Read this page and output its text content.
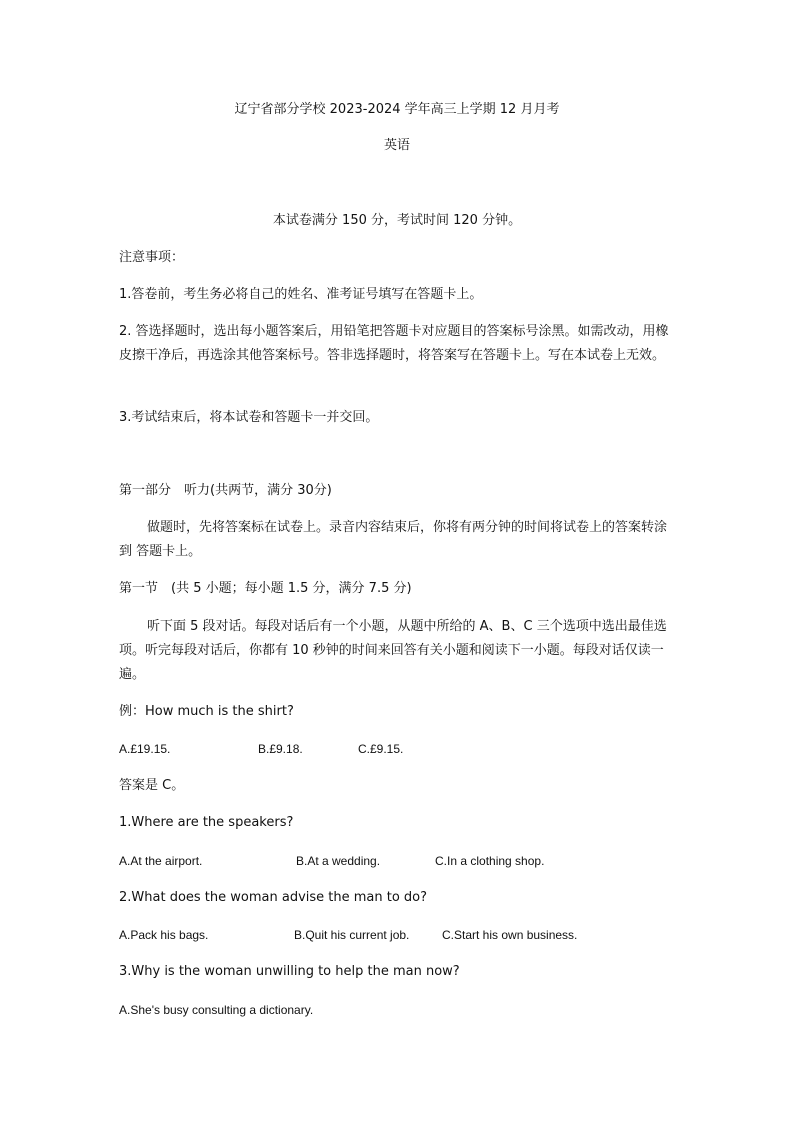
辽宁省部分学校 2023-2024 学年高三上学期 12 月月考

英语

本试卷满分 150 分，考试时间 120 分钟。

注意事项：

1.答卷前，考生务必将自己的姓名、准考证号填写在答题卡上。

2. 答选择题时，选出每小题答案后，用铅笔把答题卡对应题目的答案标号涂黑。如需改动，用橡皮擦干净后，再选涂其他答案标号。答非选择题时，将答案写在答题卡上。写在本试卷上无效。

3.考试结束后，将本试卷和答题卡一并交回。

第一部分　听力(共两节，满分 30分)

做题时，先将答案标在试卷上。录音内容结束后，你将有两分钟的时间将试卷上的答案转涂到 答题卡上。

第一节　(共 5 小题；每小题 1.5 分，满分 7.5 分)

听下面 5 段对话。每段对话后有一个小题，从题中所给的 A、B、C 三个选项中选出最佳选项。听完每段对话后，你都有 10 秒钟的时间来回答有关小题和阅读下一小题。每段对话仅读一遍。

例：How much is the shirt?

A.£19.15.	B.£9.18.	C.£9.15.

答案是 C。

1.Where are the speakers?

A.At the airport.	B.At a wedding.	C.In a clothing shop.

2.What does the woman advise the man to do?

A.Pack his bags.	B.Quit his current job.	C.Start his own business.

3.Why is the woman unwilling to help the man now?

A.She's busy consulting a dictionary.
